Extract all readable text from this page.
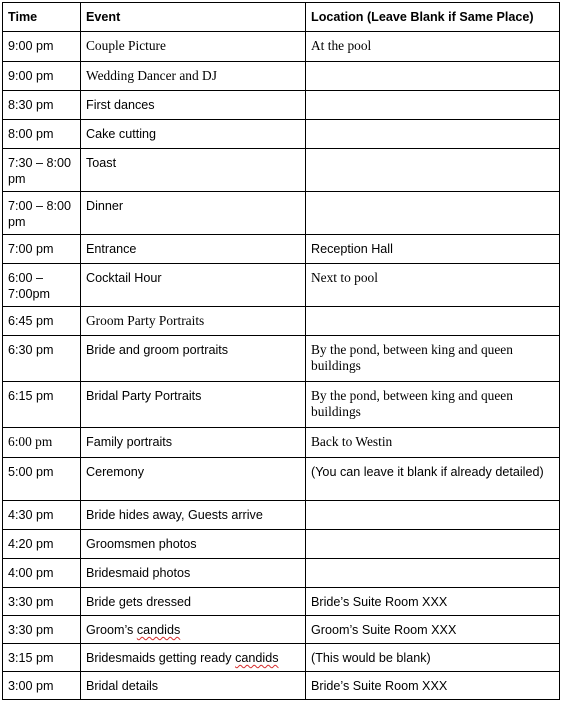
Time	Event	Location (Leave Blank if Same Place)
9:00 pm	Couple Picture	At the pool
9:00 pm	Wedding Dancer and DJ	
8:30 pm	First dances	
8:00 pm	Cake cutting	
7:30 – 8:00 pm	Toast	
7:00 – 8:00 pm	Dinner	
7:00 pm	Entrance	Reception Hall
6:00 – 7:00pm	Cocktail Hour	Next to pool
6:45 pm	Groom Party Portraits	
6:30 pm	Bride and groom portraits	By the pond, between king and queen buildings
6:15 pm	Bridal Party Portraits	By the pond, between king and queen buildings
6:00 pm	Family portraits	Back to Westin
5:00 pm	Ceremony	(You can leave it blank if already detailed)
4:30 pm	Bride hides away, Guests arrive	
4:20 pm	Groomsmen photos	
4:00 pm	Bridesmaid photos	
3:30 pm	Bride gets dressed	Bride’s Suite Room XXX
3:30 pm	Groom’s candids	Groom’s Suite Room XXX
3:15 pm	Bridesmaids getting ready candids	(This would be blank)
3:00 pm	Bridal details	Bride’s Suite Room XXX
